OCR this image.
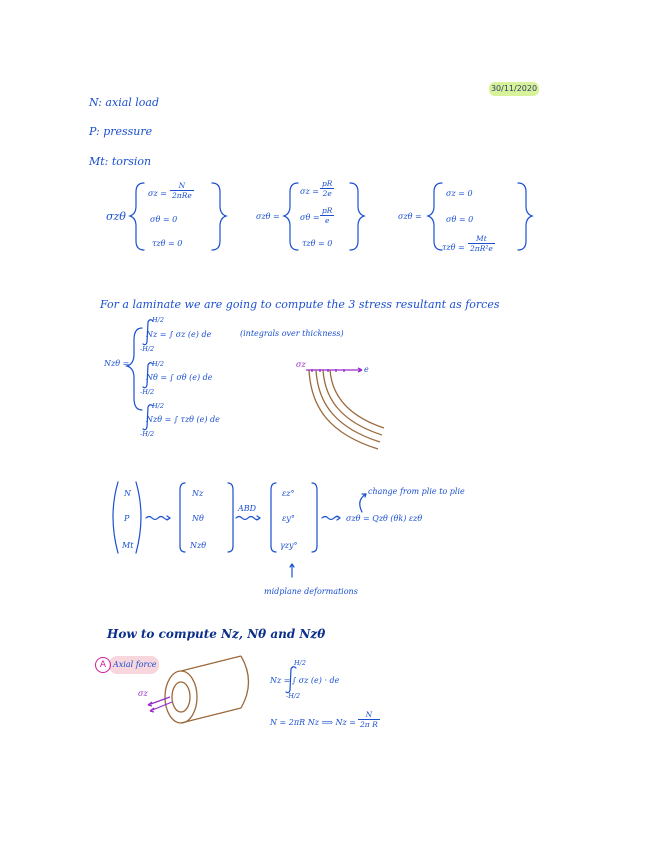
30/11/2020
N: axial load
P: pressure
Mt: torsion
σzθ
σz =
N
2πRe
σθ = 0
τzθ = 0
σzθ =
$\sigma z = \frac{pR}{2e}$
$\sigma\theta = \frac{pR}{e}$
τzθ = 0
σzθ =
σz = 0
σθ = 0
$\tau z\theta = \frac{Mt}{\text{2πR²e}}$
For a laminate we are going to compute the 3 stress resultant as forces
Nzθ =
H/2
Nz = ∫ σz (e) de
-H/2
(integrals over thickness)
H/2
Nθ = ∫ σθ (e) de
-H/2
H/2
Nzθ = ∫ τzθ (e) de
-H/2
σz
e
N
P
Mt
Nz
Nθ
Nzθ
ABD
εz°
εy°
γzy°
change from plie to plie
σzθ = Qzθ (θk) εzθ
midplane deformations
How to compute Nz, Nθ and Nzθ
A Axial force
σz
H/2
Nz = ∫ σz (e) · de
-H/2
N = 2πR Nz ⟹ $Nz = \frac{N}{\text{2π R}}$
